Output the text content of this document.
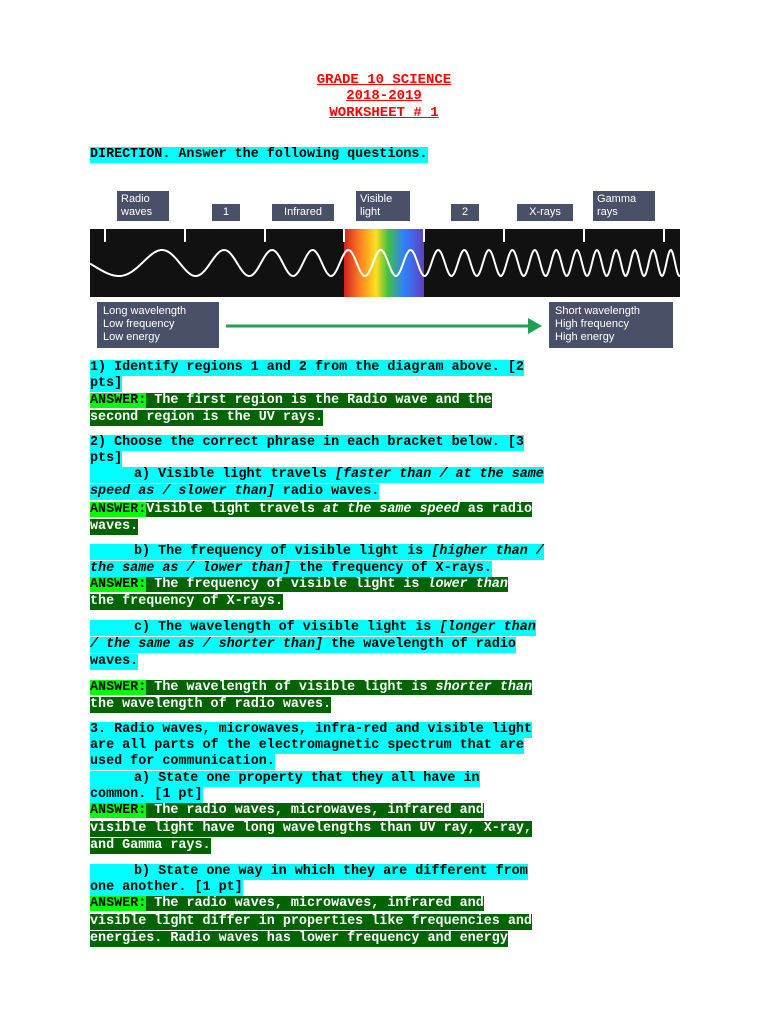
GRADE 10 SCIENCE
2018-2019
WORKSHEET # 1
DIRECTION. Answer the following questions.
Radio
waves	1	Infrared
Visible
light	2	X-rays
Gamma
rays
Long wavelength
Low frequency
Low energy
Short wavelength
High frequency
High energy
1) Identify regions 1 and 2 from the diagram above. [2
pts]
ANSWER: The first region is the Radio wave and the
second region is the UV rays.
2) Choose the correct phrase in each bracket below. [3
pts]
a) Visible light travels [faster than / at the same
speed as / slower than] radio waves.
ANSWER:Visible light travels at the same speed as radio
waves.
b) The frequency of visible light is [higher than /
the same as / lower than] the frequency of X-rays.
ANSWER: The frequency of visible light is lower than
the frequency of X-rays.
c) The wavelength of visible light is [longer than
/ the same as / shorter than] the wavelength of radio
waves.
ANSWER: The wavelength of visible light is shorter than
the wavelength of radio waves.
3. Radio waves, microwaves, infra-red and visible light
are all parts of the electromagnetic spectrum that are
used for communication.
a) State one property that they all have in
common. [1 pt]
ANSWER: The radio waves, microwaves, infrared and
visible light have long wavelengths than UV ray, X-ray,
and Gamma rays.
b) State one way in which they are different from
one another. [1 pt]
ANSWER: The radio waves, microwaves, infrared and
visible light differ in properties like frequencies and
energies. Radio waves has lower frequency and energy
